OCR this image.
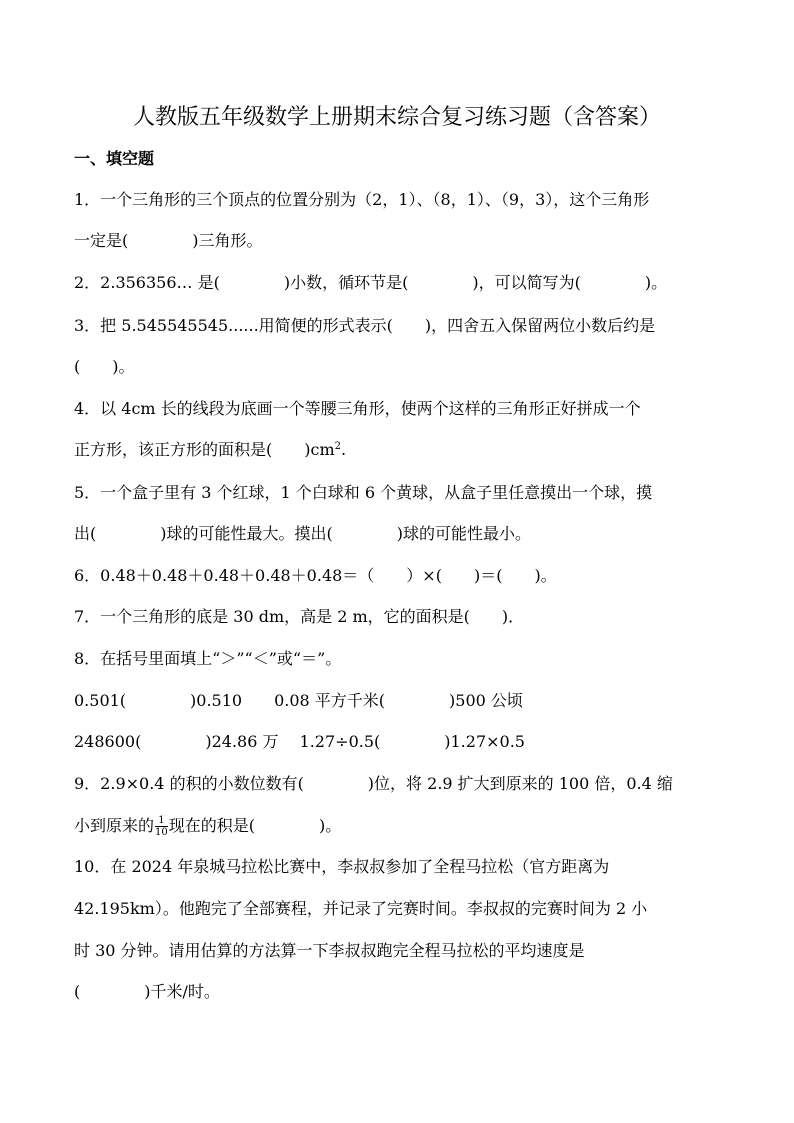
人教版五年级数学上册期末综合复习练习题（含答案）
一、填空题
1．一个三角形的三个顶点的位置分别为（2，1）、（8，1）、（9，3），这个三角形
一定是(　　　　)三角形。
2．2.356356… 是(　　　　)小数，循环节是(　　　　)，可以简写为(　　　　)。
3．把 5.545545545......用简便的形式表示(　　)，四舍五入保留两位小数后约是
(　　)。
4．以 4cm 长的线段为底画一个等腰三角形，使两个这样的三角形正好拼成一个
正方形，该正方形的面积是(　　)$cm^2$.
5．一个盒子里有 3 个红球，1 个白球和 6 个黄球，从盒子里任意摸出一个球，摸
出(　　　　)球的可能性最大。摸出(　　　　)球的可能性最小。
6．0.48＋0.48＋0.48＋0.48＋0.48＝（　　）×(　　)＝(　　)。
7．一个三角形的底是 30 dm，高是 2 m，它的面积是(　　)．
8．在括号里面填上“＞”“＜”或“＝”。
0.501(　　　　)0.510　　0.08 平方千米(　　　　)500 公顷
248600(　　　　)24.86 万　 1.27÷0.5(　　　　)1.27×0.5
9．2.9×0.4 的积的小数位数有(　　　　)位，将 2.9 扩大到原来的 100 倍，0.4 缩
小到原来的 $\frac{1}{10}$ 现在的积是(　　　　)。
10．在 2024 年泉城马拉松比赛中，李叔叔参加了全程马拉松（官方距离为
42.195km）。他跑完了全部赛程，并记录了完赛时间。李叔叔的完赛时间为 2 小
时 30 分钟。请用估算的方法算一下李叔叔跑完全程马拉松的平均速度是
(　　　　)千米/时。
